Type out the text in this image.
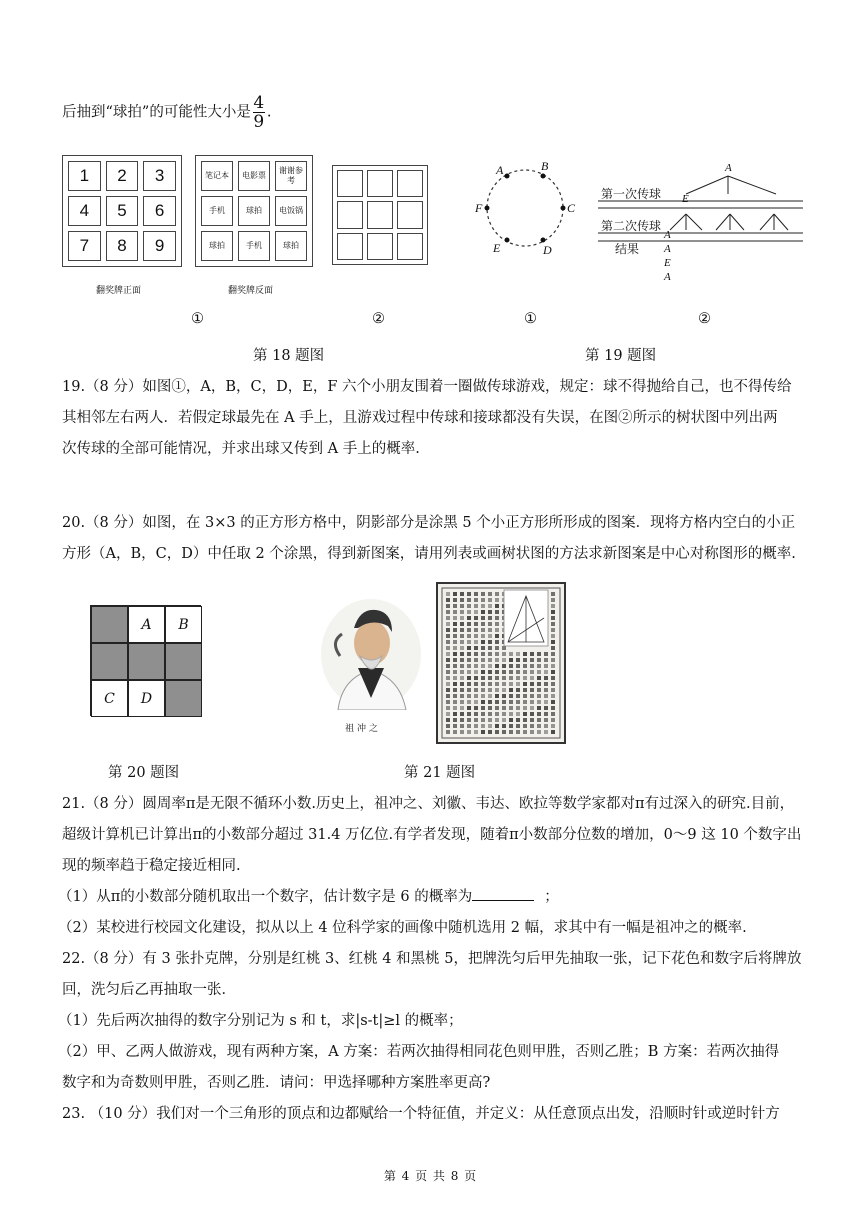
后抽到“球拍”的可能性大小是 $\frac{4}{9}$ .
1	2	3
4	5	6
7	8	9
翻奖牌正面
笔记本 电影票
谢谢参考
手机	球拍	电饭锅
球拍	手机	球拍
翻奖牌反面
A	B
C
D
E
F
A
E
A
A
E
A
第一次传球
第二次传球
结果
①	②	①	②
第 18 题图	第 19 题图

19.（8 分）如图①，A，B，C，D，E，F 六个小朋友围着一圈做传球游戏，规定：球不得抛给自己，也不得传给

其相邻左右两人．若假定球最先在 A 手上，且游戏过程中传球和接球都没有失误，在图②所示的树状图中列出两

次传球的全部可能情况，并求出球又传到 A 手上的概率.

20.（8 分）如图，在 3×3 的正方形方格中，阴影部分是涂黑 5 个小正方形所形成的图案．现将方格内空白的小正

方形（A，B，C，D）中任取 2 个涂黑，得到新图案，请用列表或画树状图的方法求新图案是中心对称图形的概率.

A B
C D
第 20 题图
祖冲之
第 21 题图

21.（8 分）圆周率π是无限不循环小数.历史上，祖冲之、刘徽、韦达、欧拉等数学家都对π有过深入的研究.目前，

超级计算机已计算出π的小数部分超过 31.4 万亿位.有学者发现，随着π小数部分位数的增加，0～9 这 10 个数字出

现的频率趋于稳定接近相同.

（1）从π的小数部分随机取出一个数字，估计数字是 6 的概率为	；

（2）某校进行校园文化建设，拟从以上 4 位科学家的画像中随机选用 2 幅，求其中有一幅是祖冲之的概率.

22.（8 分）有 3 张扑克牌，分别是红桃 3、红桃 4 和黑桃 5，把牌洗匀后甲先抽取一张，记下花色和数字后将牌放

回，洗匀后乙再抽取一张．

（1）先后两次抽得的数字分别记为 s 和 t，求|s-t|≥l 的概率；

（2）甲、乙两人做游戏，现有两种方案，A 方案：若两次抽得相同花色则甲胜，否则乙胜；B 方案：若两次抽得

数字和为奇数则甲胜，否则乙胜．请问：甲选择哪种方案胜率更高?

23. （10 分）我们对一个三角形的顶点和边都赋给一个特征值，并定义：从任意顶点出发，沿顺时针或逆时针方

第 4 页 共 8 页
